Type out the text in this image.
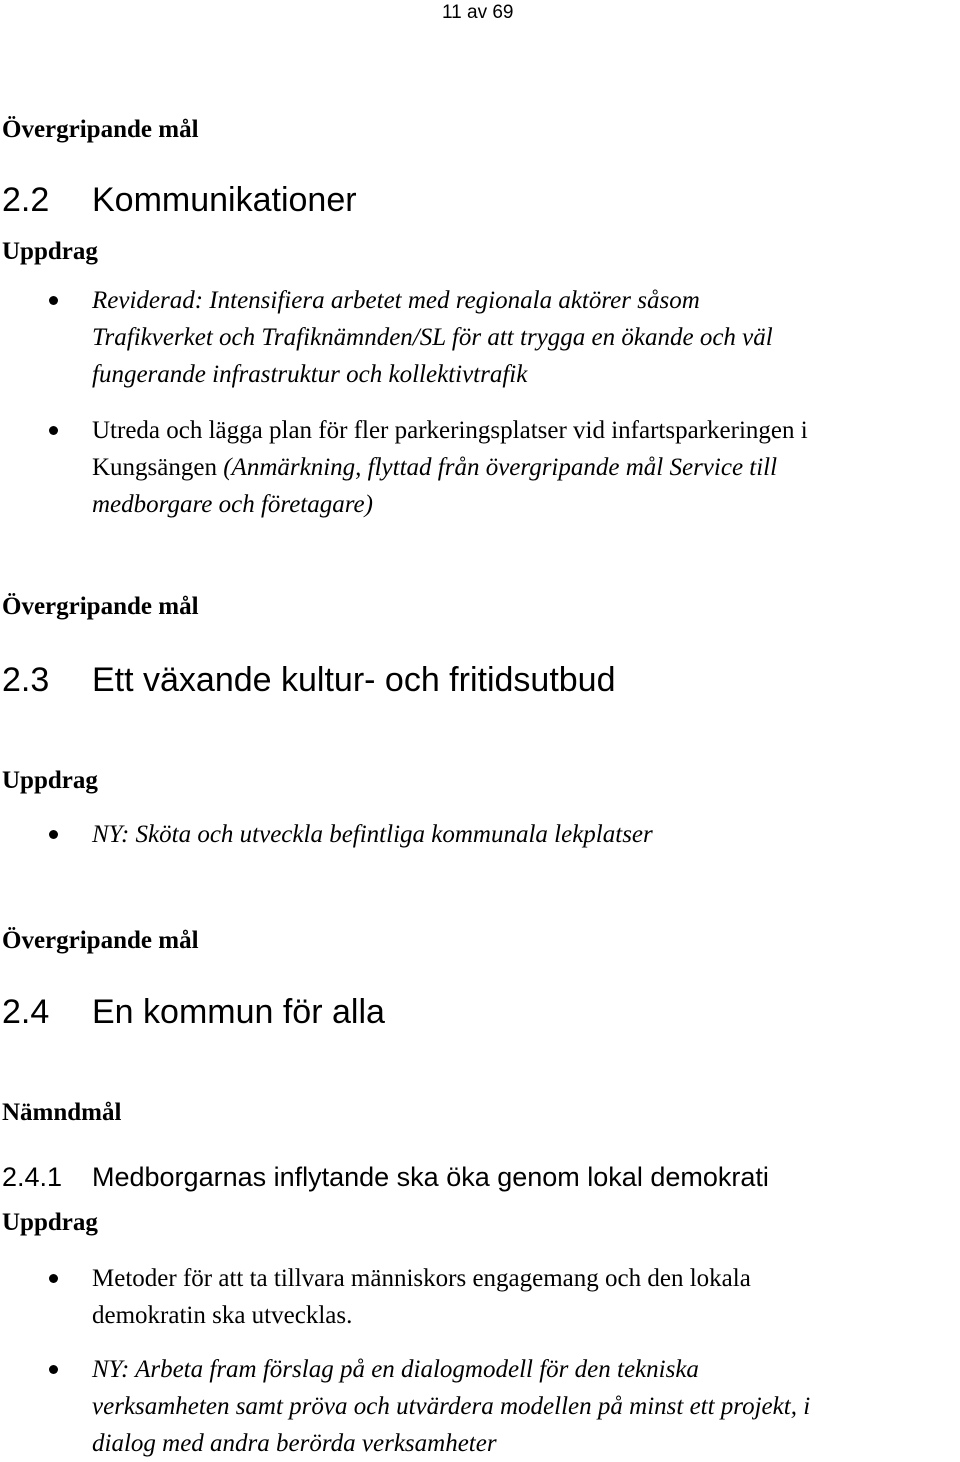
11 av 69
Övergripande mål
2.2 Kommunikationer
Uppdrag
Reviderad: Intensifiera arbetet med regionala aktörer såsom
Trafikverket och Trafiknämnden/SL för att trygga en ökande och väl
fungerande infrastruktur och kollektivtrafik
Utreda och lägga plan för fler parkeringsplatser vid infartsparkeringen i
Kungsängen (Anmärkning, flyttad från övergripande mål Service till
medborgare och företagare)
Övergripande mål
2.3 Ett växande kultur- och fritidsutbud
Uppdrag
NY: Sköta och utveckla befintliga kommunala lekplatser
Övergripande mål
2.4 En kommun för alla
Nämndmål
2.4.1 Medborgarnas inflytande ska öka genom lokal demokrati
Uppdrag
Metoder för att ta tillvara människors engagemang och den lokala
demokratin ska utvecklas.
NY: Arbeta fram förslag på en dialogmodell för den tekniska
verksamheten samt pröva och utvärdera modellen på minst ett projekt, i
dialog med andra berörda verksamheter
